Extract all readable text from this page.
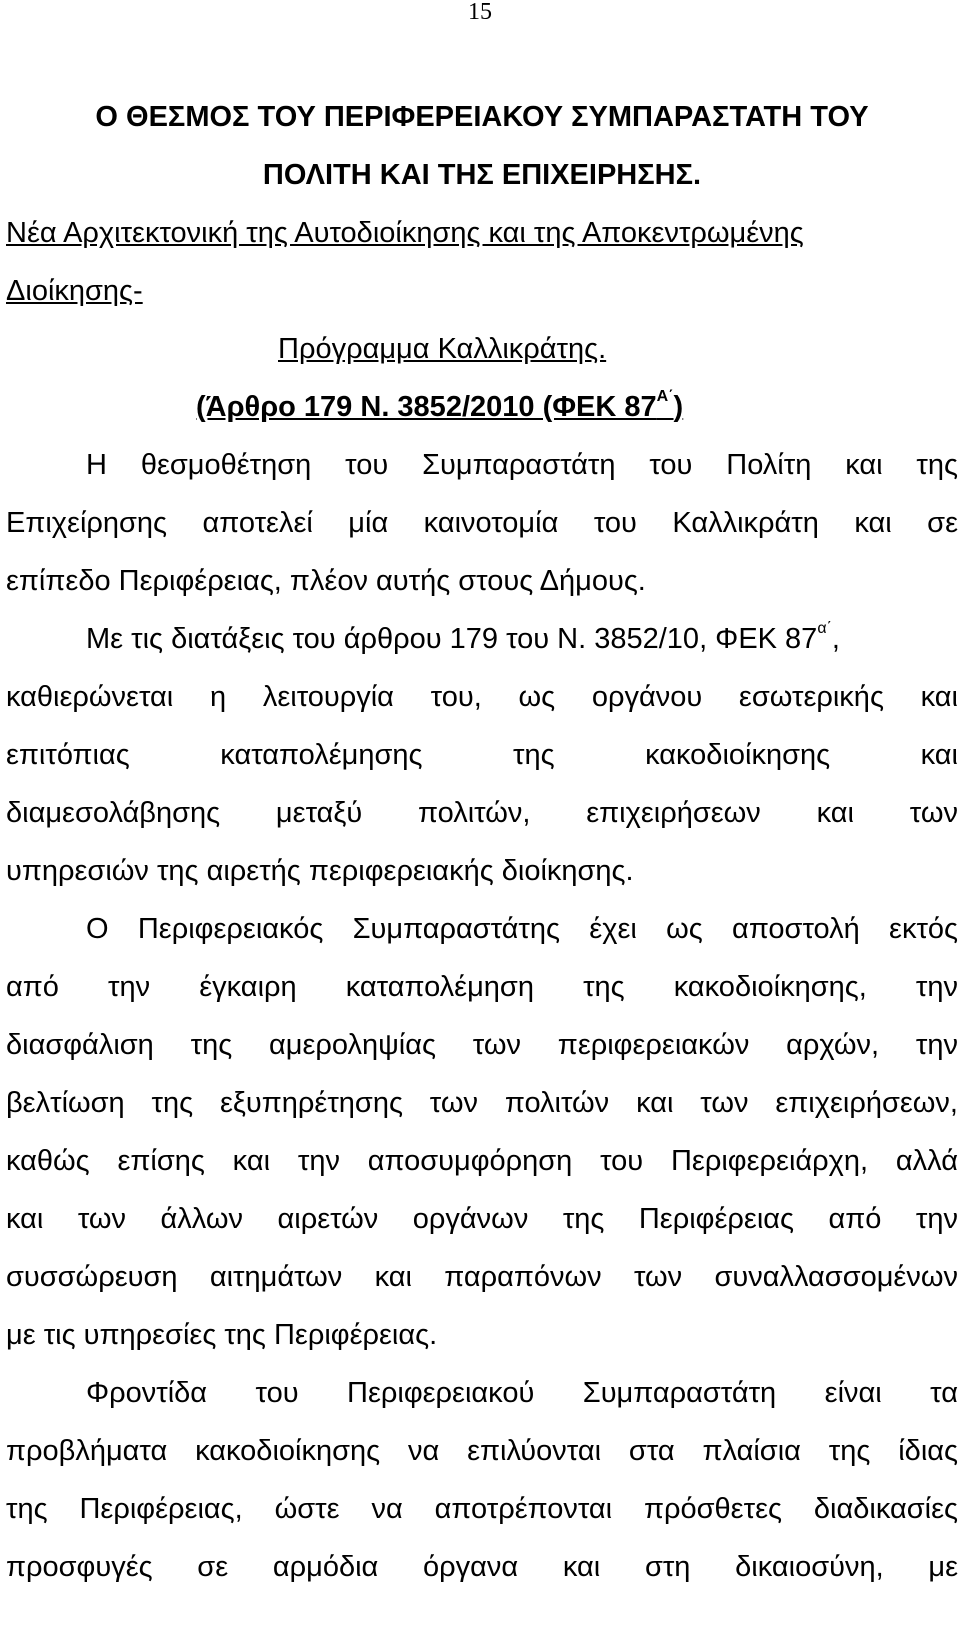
15
Ο ΘΕΣΜΟΣ ΤΟΥ ΠΕΡΙΦΕΡΕΙΑΚΟΥ ΣΥΜΠΑΡΑΣΤΑΤΗ ΤΟΥ
ΠΟΛΙΤΗ ΚΑΙ ΤΗΣ ΕΠΙΧΕΙΡΗΣΗΣ.
Νέα Αρχιτεκτονική της Αυτοδιοίκησης και της Αποκεντρωμένης
Διοίκησης-
Πρόγραμμα Καλλικράτης.
(Άρθρο 179 Ν. 3852/2010 (ΦΕΚ $87^{A΄}$)
Η θεσμοθέτηση του Συμπαραστάτη του Πολίτη και της
Επιχείρησης αποτελεί μία καινοτομία του Καλλικράτη και σε
επίπεδο Περιφέρειας, πλέον αυτής στους Δήμους.
Με τις διατάξεις του άρθρου 179 του Ν. 3852/10, ΦΕΚ $87^{\alpha΄}$,
καθιερώνεται η λειτουργία του, ως οργάνου εσωτερικής και
επιτόπιας καταπολέμησης της κακοδιοίκησης και
διαμεσολάβησης μεταξύ πολιτών, επιχειρήσεων και των
υπηρεσιών της αιρετής περιφερειακής διοίκησης.
Ο Περιφερειακός Συμπαραστάτης έχει ως αποστολή εκτός
από την έγκαιρη καταπολέμηση της κακοδιοίκησης, την
διασφάλιση της αμεροληψίας των περιφερειακών αρχών, την
βελτίωση της εξυπηρέτησης των πολιτών και των επιχειρήσεων,
καθώς επίσης και την αποσυμφόρηση του Περιφερειάρχη, αλλά
και των άλλων αιρετών οργάνων της Περιφέρειας από την
συσσώρευση αιτημάτων και παραπόνων των συναλλασσομένων
με τις υπηρεσίες της Περιφέρειας.
Φροντίδα του Περιφερειακού Συμπαραστάτη είναι τα
προβλήματα κακοδιοίκησης να επιλύονται στα πλαίσια της ίδιας
της Περιφέρειας, ώστε να αποτρέπονται πρόσθετες διαδικασίες
προσφυγές σε αρμόδια όργανα και στη δικαιοσύνη, με
